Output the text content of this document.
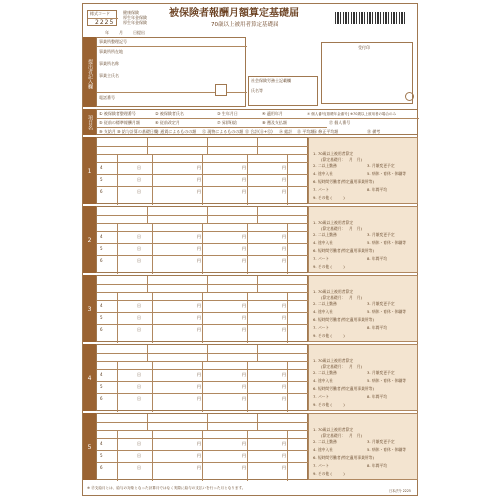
様式コード
2225
健康保険
厚生年金保険
厚生年金保険
被保険者報酬月額算定基礎届
70歳以上被用者算定基礎届
年	月	日提出
提出者記入欄
事業所整理記号
事業所所在地
事業所名称
事業主氏名
電話番号
受付印
社会保険労務士記載欄
氏名等
項目名
① 被保険者整理番号	② 被保険者氏名	③ 生年月日	④ 適用年月	⑦ 個人番号[基礎年金番号] ※70歳以上被用者の場合のみ
⑤ 従前の標準報酬月額	⑥ 従前改定月	⑦ 昇(降)給	⑧ 遡及支払額
⑨ 支給月 ⑩ 給与計算の基礎日数
⑪ 通貨によるものの額 ⑫ 現物によるものの額 ⑬ 合計(⑪+⑫) ⑭ 総計 ⑮ 平均額
⑯ 修正平均額
⑰ 個人番号
⑱ 備考
1	4	日	円	円	円
5	日	円	円	円
6	日	円	円	円
1. 70歳以上被用者算定
(算定基礎月：　月　月)
2. 二以上勤務	3. 月額変更予定
4. 途中入社	5. 病休・育休・休職等
6. 短時間労働者(特定適用事業所等)
7. パート	8. 年間平均
9. その他 (　　　)
2	4	日	円	円	円
5	日	円	円	円
6	日	円	円	円
1. 70歳以上被用者算定
(算定基礎月：　月　月)
2. 二以上勤務	3. 月額変更予定
4. 途中入社	5. 病休・育休・休職等
6. 短時間労働者(特定適用事業所等)
7. パート	8. 年間平均
9. その他 (　　　)
3	4	日	円	円	円
5	日	円	円	円
6	日	円	円	円
1. 70歳以上被用者算定
(算定基礎月：　月　月)
2. 二以上勤務	3. 月額変更予定
4. 途中入社	5. 病休・育休・休職等
6. 短時間労働者(特定適用事業所等)
7. パート	8. 年間平均
9. その他 (　　　)
4	4	日	円	円	円
5	日	円	円	円
6	日	円	円	円
1. 70歳以上被用者算定
(算定基礎月：　月　月)
2. 二以上勤務	3. 月額変更予定
4. 途中入社	5. 病休・育休・休職等
6. 短時間労働者(特定適用事業所等)
7. パート	8. 年間平均
9. その他 (　　　)
5	4	日	円	円	円
5	日	円	円	円
6	日	円	円	円
1. 70歳以上被用者算定
(算定基礎月：　月　月)
2. 二以上勤務	3. 月額変更予定
4. 途中入社	5. 病休・育休・休職等
6. 短時間労働者(特定適用事業所等)
7. パート	8. 年間平均
9. その他 (　　　)
※ ⑮支給月とは、給与の対象となった計算月ではなく実際に給与の支払いを行った月となります。
日本法令 2225
